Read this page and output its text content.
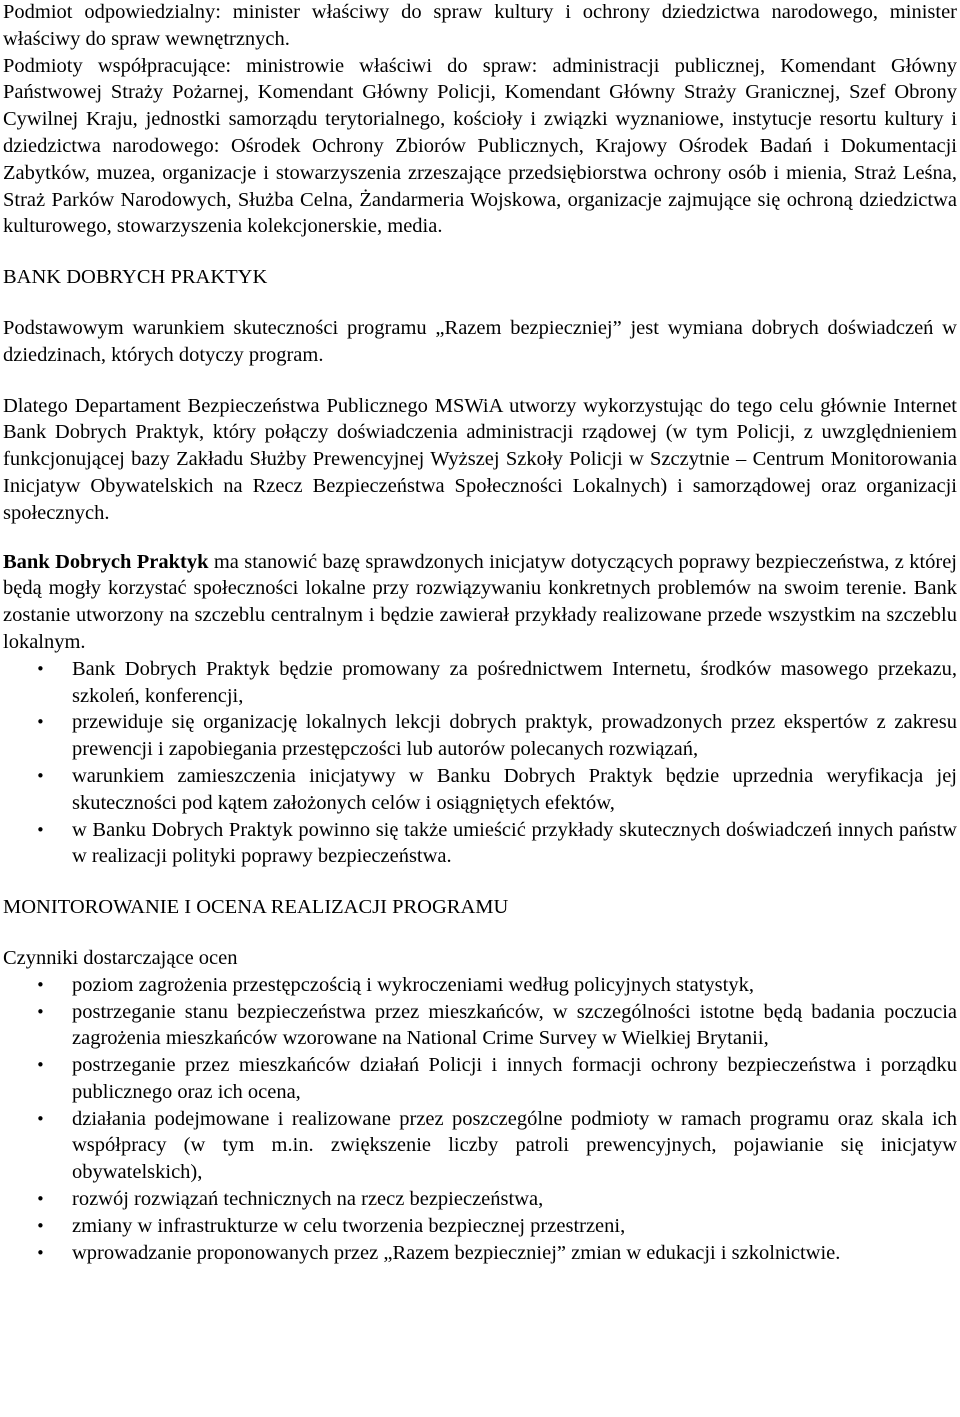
Podmiot odpowiedzialny: minister właściwy do spraw kultury i ochrony dziedzictwa narodowego, minister właściwy do spraw wewnętrznych.

Podmioty współpracujące: ministrowie właściwi do spraw: administracji publicznej, Komendant Główny Państwowej Straży Pożarnej, Komendant Główny Policji, Komendant Główny Straży Granicznej, Szef Obrony Cywilnej Kraju, jednostki samorządu terytorialnego, kościoły i związki wyznaniowe, instytucje resortu kultury i dziedzictwa narodowego: Ośrodek Ochrony Zbiorów Publicznych, Krajowy Ośrodek Badań i Dokumentacji Zabytków, muzea, organizacje i stowarzyszenia zrzeszające przedsiębiorstwa ochrony osób i mienia, Straż Leśna, Straż Parków Narodowych, Służba Celna, Żandarmeria Wojskowa, organizacje zajmujące się ochroną dziedzictwa kulturowego, stowarzyszenia kolekcjonerskie, media.

BANK DOBRYCH PRAKTYK

Podstawowym warunkiem skuteczności programu „Razem bezpieczniej” jest wymiana dobrych doświadczeń w dziedzinach, których dotyczy program.

Dlatego Departament Bezpieczeństwa Publicznego MSWiA utworzy wykorzystując do tego celu głównie Internet Bank Dobrych Praktyk, który połączy doświadczenia administracji rządowej (w tym Policji, z uwzględnieniem funkcjonującej bazy Zakładu Służby Prewencyjnej Wyższej Szkoły Policji w Szczytnie – Centrum Monitorowania Inicjatyw Obywatelskich na Rzecz Bezpieczeństwa Społeczności Lokalnych) i samorządowej oraz organizacji społecznych.

Bank Dobrych Praktyk ma stanowić bazę sprawdzonych inicjatyw dotyczących poprawy bezpieczeństwa, z której będą mogły korzystać społeczności lokalne przy rozwiązywaniu konkretnych problemów na swoim terenie. Bank zostanie utworzony na szczeblu centralnym i będzie zawierał przykłady realizowane przede wszystkim na szczeblu lokalnym.

• Bank Dobrych Praktyk będzie promowany za pośrednictwem Internetu, środków masowego przekazu, szkoleń, konferencji,
• przewiduje się organizację lokalnych lekcji dobrych praktyk, prowadzonych przez ekspertów z zakresu prewencji i zapobiegania przestępczości lub autorów polecanych rozwiązań,
• warunkiem zamieszczenia inicjatywy w Banku Dobrych Praktyk będzie uprzednia weryfikacja jej skuteczności pod kątem założonych celów i osiągniętych efektów,
• w Banku Dobrych Praktyk powinno się także umieścić przykłady skutecznych doświadczeń innych państw w realizacji polityki poprawy bezpieczeństwa.

MONITOROWANIE I OCENA REALIZACJI PROGRAMU

Czynniki dostarczające ocen

• poziom zagrożenia przestępczością i wykroczeniami według policyjnych statystyk,
• postrzeganie stanu bezpieczeństwa przez mieszkańców, w szczególności istotne będą badania poczucia zagrożenia mieszkańców wzorowane na National Crime Survey w Wielkiej Brytanii,
• postrzeganie przez mieszkańców działań Policji i innych formacji ochrony bezpieczeństwa i porządku publicznego oraz ich ocena,
• działania podejmowane i realizowane przez poszczególne podmioty w ramach programu oraz skala ich współpracy (w tym m.in. zwiększenie liczby patroli prewencyjnych, pojawianie się inicjatyw obywatelskich),
• rozwój rozwiązań technicznych na rzecz bezpieczeństwa,
• zmiany w infrastrukturze w celu tworzenia bezpiecznej przestrzeni,
• wprowadzanie proponowanych przez „Razem bezpieczniej” zmian w edukacji i szkolnictwie.
